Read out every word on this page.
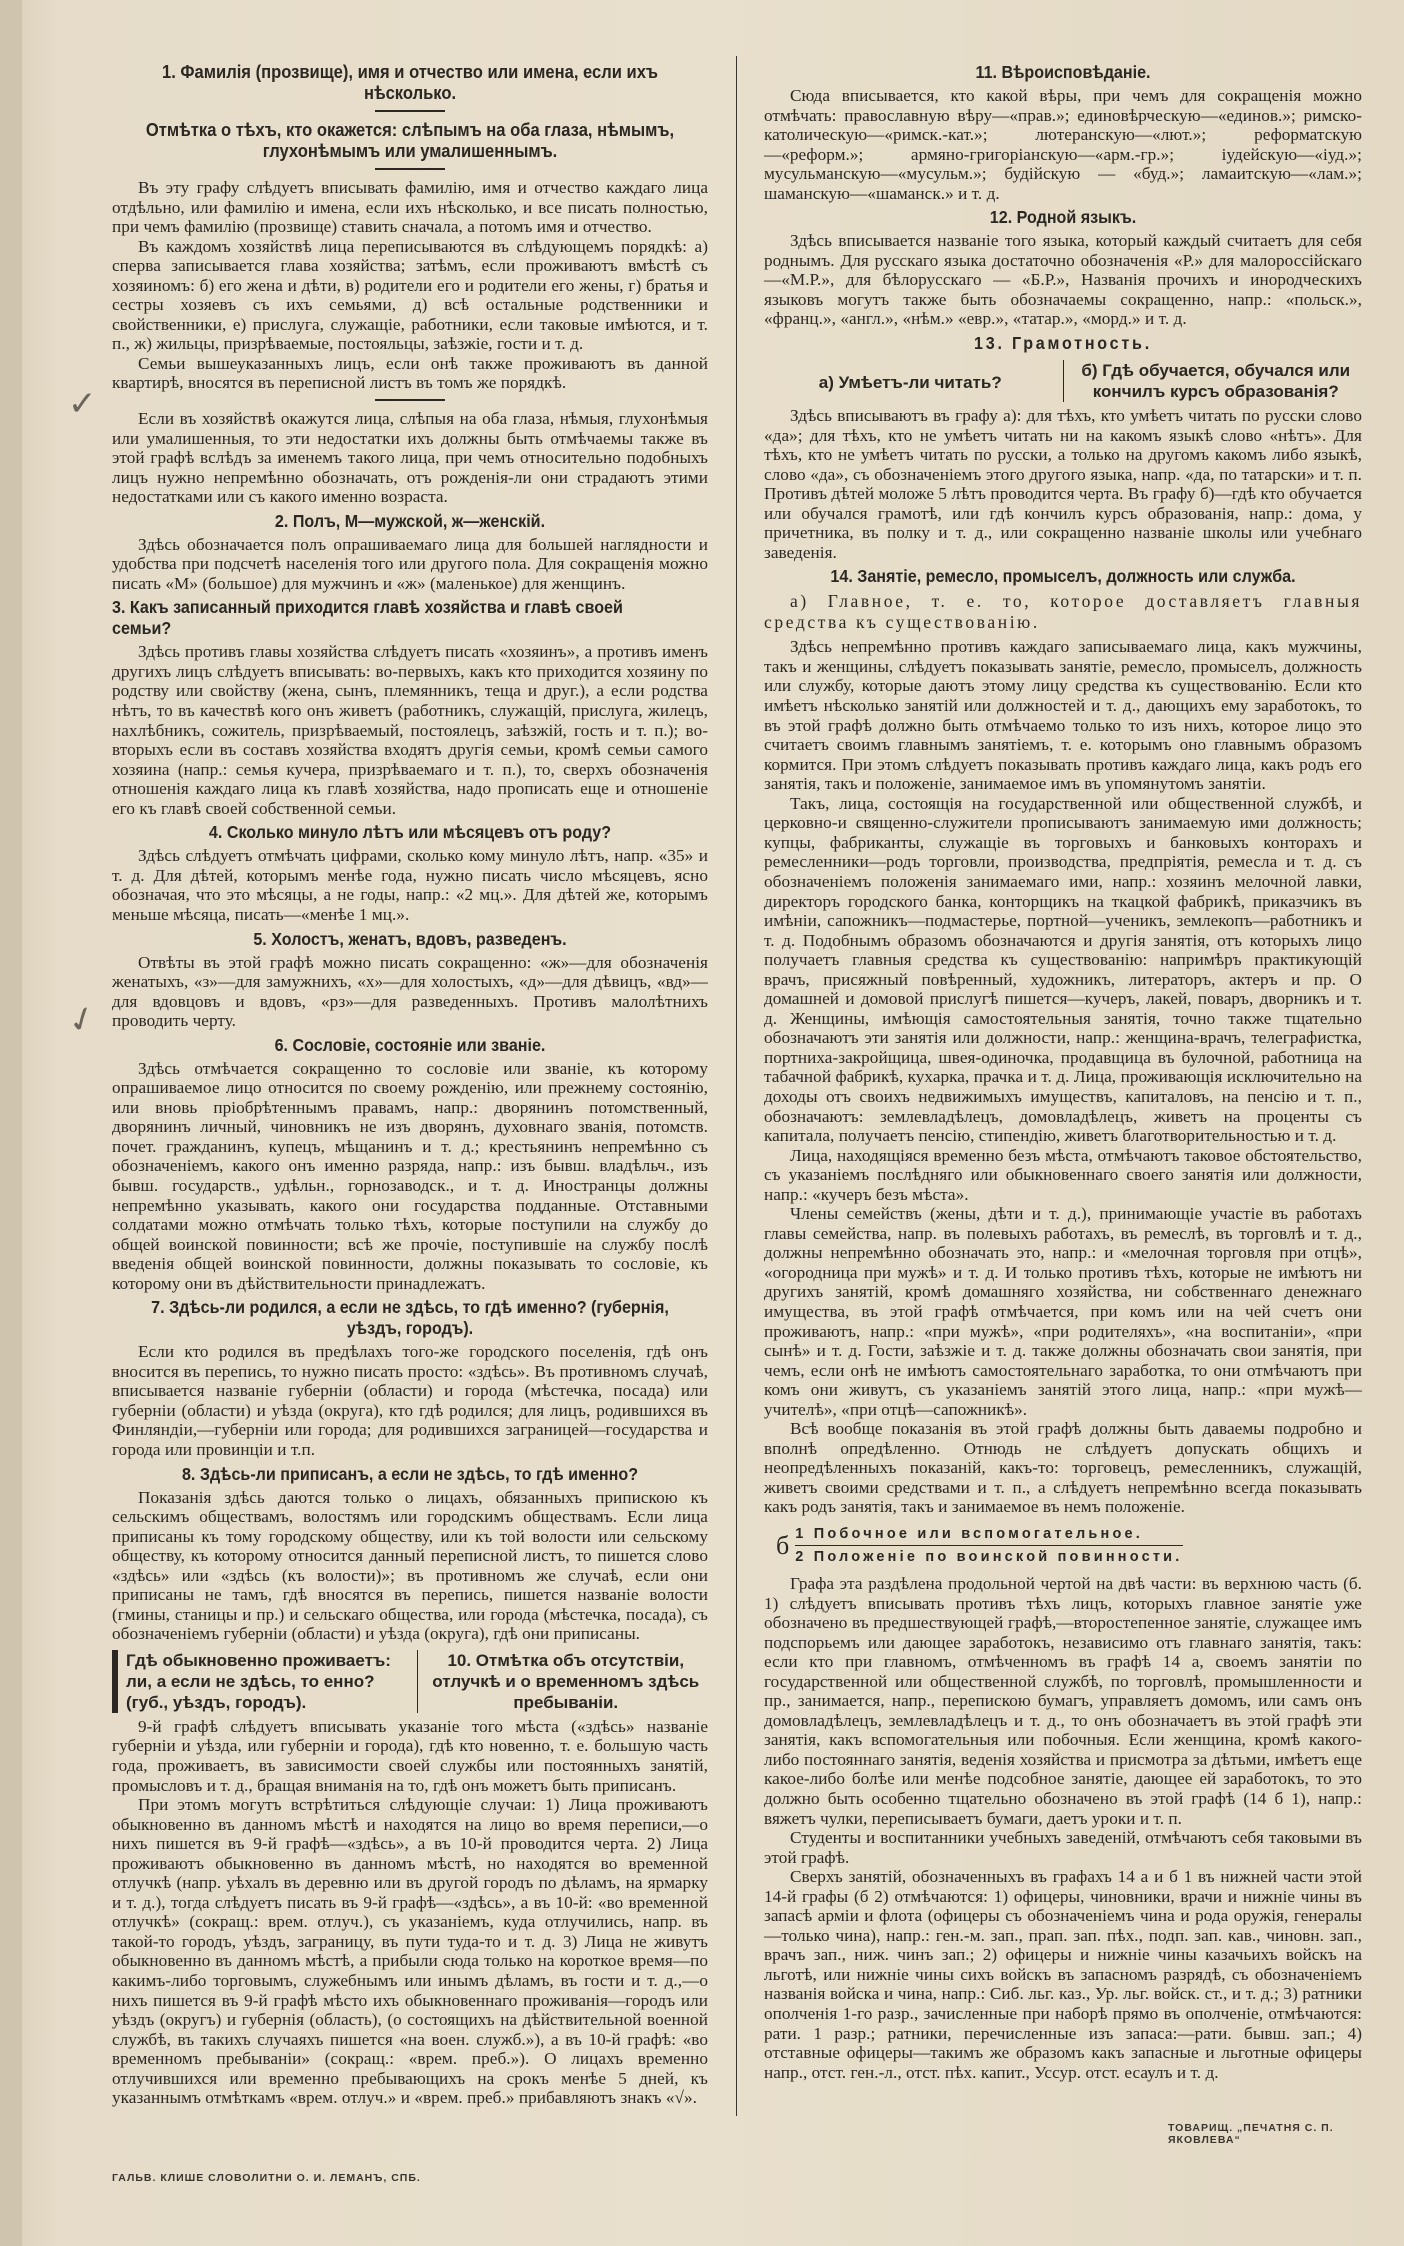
✓
✓
1. Фамилія (прозвище), имя и отчество или имена, если ихъ нѣсколько.
Отмѣтка о тѣхъ, кто окажется: слѣпымъ на оба глаза, нѣмымъ, глухонѣмымъ или умалишеннымъ.

Въ эту графу слѣдуетъ вписывать фамилію, имя и отчество каждаго лица отдѣльно, или фамилію и имена, если ихъ нѣсколько, и все писать полностью, при чемъ фамилію (прозвище) ставить сначала, а потомъ имя и отчество.

Въ каждомъ хозяйствѣ лица переписываются въ слѣдующемъ порядкѣ: а) сперва записывается глава хозяйства; затѣмъ, если проживаютъ вмѣстѣ съ хозяиномъ: б) его жена и дѣти, в) родители его и родители его жены, г) братья и сестры хозяевъ съ ихъ семьями, д) всѣ остальные родственники и свойственники, е) прислуга, служащіе, работники, если таковые имѣются, и т. п., ж) жильцы, призрѣваемые, постояльцы, заѣзжіе, гости и т. д.

Семьи вышеуказанныхъ лицъ, если онѣ также проживаютъ въ данной квартирѣ, вносятся въ переписной листъ въ томъ же порядкѣ.

Если въ хозяйствѣ окажутся лица, слѣпыя на оба глаза, нѣмыя, глухонѣмыя или умалишенныя, то эти недостатки ихъ должны быть отмѣчаемы также въ этой графѣ вслѣдъ за именемъ такого лица, при чемъ относительно подобныхъ лицъ нужно непремѣнно обозначать, отъ рожденія-ли они страдаютъ этими недостатками или съ какого именно возраста.

2. Полъ, М—мужской, ж—женскій.

Здѣсь обозначается полъ опрашиваемаго лица для большей наглядности и удобства при подсчетѣ населенія того или другого пола. Для сокращенія можно писать «М» (большое) для мужчинъ и «ж» (маленькое) для женщинъ.

3. Какъ записанный приходится главѣ хозяйства и главѣ своей семьи?

Здѣсь противъ главы хозяйства слѣдуетъ писать «хозяинъ», а противъ именъ другихъ лицъ слѣдуетъ вписывать: во-первыхъ, какъ кто приходится хозяину по родству или свойству (жена, сынъ, племянникъ, теща и друг.), а если родства нѣтъ, то въ качествѣ кого онъ живетъ (работникъ, служащій, прислуга, жилецъ, нахлѣбникъ, сожитель, призрѣваемый, постоялецъ, заѣзжій, гость и т. п.); во-вторыхъ если въ составъ хозяйства входятъ другія семьи, кромѣ семьи самого хозяина (напр.: семья кучера, призрѣваемаго и т. п.), то, сверхъ обозначенія отношенія каждаго лица къ главѣ хозяйства, надо прописать еще и отношеніе его къ главѣ своей собственной семьи.

4. Сколько минуло лѣтъ или мѣсяцевъ отъ роду?

Здѣсь слѣдуетъ отмѣчать цифрами, сколько кому минуло лѣтъ, напр. «35» и т. д. Для дѣтей, которымъ менѣе года, нужно писать число мѣсяцевъ, ясно обозначая, что это мѣсяцы, а не годы, напр.: «2 мц.». Для дѣтей же, которымъ меньше мѣсяца, писать—«менѣе 1 мц.».

5. Холостъ, женатъ, вдовъ, разведенъ.

Отвѣты въ этой графѣ можно писать сокращенно: «ж»—для обозначенія женатыхъ, «з»—для замужнихъ, «х»—для холостыхъ, «д»—для дѣвицъ, «вд»—для вдовцовъ и вдовъ, «рз»—для разведенныхъ. Противъ малолѣтнихъ проводить черту.

6. Сословіе, состояніе или званіе.

Здѣсь отмѣчается сокращенно то сословіе или званіе, къ которому опрашиваемое лицо относится по своему рожденію, или прежнему состоянію, или вновь пріобрѣтеннымъ правамъ, напр.: дворянинъ потомственный, дворянинъ личный, чиновникъ не изъ дворянъ, духовнаго званія, потомств. почет. гражданинъ, купецъ, мѣщанинъ и т. д.; крестьянинъ непремѣнно съ обозначеніемъ, какого онъ именно разряда, напр.: изъ бывш. владѣльч., изъ бывш. государств., удѣльн., горнозаводск., и т. д. Иностранцы должны непремѣнно указывать, какого они государства подданные. Отставными солдатами можно отмѣчать только тѣхъ, которые поступили на службу до общей воинской повинности; всѣ же прочіе, поступившіе на службу послѣ введенія общей воинской повинности, должны показывать то сословіе, къ которому они въ дѣйствительности принадлежатъ.

7. Здѣсь-ли родился, а если не здѣсь, то гдѣ именно? (губернія, уѣздъ, городъ).

Если кто родился въ предѣлахъ того-же городского поселенія, гдѣ онъ вносится въ перепись, то нужно писать просто: «здѣсь». Въ противномъ случаѣ, вписывается названіе губерніи (области) и города (мѣстечка, посада) или губерніи (области) и уѣзда (округа), кто гдѣ родился; для лицъ, родившихся въ Финляндіи,—губерніи или города; для родившихся заграницей—государства и города или провинціи и т.п.

8. Здѣсь-ли приписанъ, а если не здѣсь, то гдѣ именно?

Показанія здѣсь даются только о лицахъ, обязанныхъ припискою къ сельскимъ обществамъ, волостямъ или городскимъ обществамъ. Если лица приписаны къ тому городскому обществу, или къ той волости или сельскому обществу, къ которому относится данный переписной листъ, то пишется слово «здѣсь» или «здѣсь (къ волости)»; въ противномъ же случаѣ, если они приписаны не тамъ, гдѣ вносятся въ перепись, пишется названіе волости (гмины, станицы и пр.) и сельскаго общества, или города (мѣстечка, посада), съ обозначеніемъ губерніи (области) и уѣзда (округа), гдѣ они приписаны.

Гдѣ обыкновенно проживаетъ: ли, а если не здѣсь, то енно? (губ., уѣздъ, городъ).
10. Отмѣтка объ отсутствіи, отлучкѣ и о временномъ здѣсь пребываніи.

9-й графѣ слѣдуетъ вписывать указаніе того мѣста («здѣсь» названіе губерніи и уѣзда, или губерніи и города), гдѣ кто новенно, т. е. большую часть года, проживаетъ, въ зависимости своей службы или постоянныхъ занятій, промысловъ и т. д., бращая вниманія на то, гдѣ онъ можетъ быть приписанъ.

При этомъ могутъ встрѣтиться слѣдующіе случаи: 1) Лица проживаютъ обыкновенно въ данномъ мѣстѣ и находятся на лицо во время переписи,—о нихъ пишется въ 9-й графѣ—«здѣсь», а въ 10-й проводится черта. 2) Лица проживаютъ обыкновенно въ данномъ мѣстѣ, но находятся во временной отлучкѣ (напр. уѣхалъ въ деревню или въ другой городъ по дѣламъ, на ярмарку и т. д.), тогда слѣдуетъ писать въ 9-й графѣ—«здѣсь», а въ 10-й: «во временной отлучкѣ» (сокращ.: врем. отлуч.), съ указаніемъ, куда отлучились, напр. въ такой-то городъ, уѣздъ, заграницу, въ пути туда-то и т. д. 3) Лица не живутъ обыкновенно въ данномъ мѣстѣ, а прибыли сюда только на короткое время—по какимъ-либо торговымъ, служебнымъ или инымъ дѣламъ, въ гости и т. д.,—о нихъ пишется въ 9-й графѣ мѣсто ихъ обыкновеннаго проживанія—городъ или уѣздъ (округъ) и губернія (область), (о состоящихъ на дѣйствительной военной службѣ, въ такихъ случаяхъ пишется «на воен. служб.»), а въ 10-й графѣ: «во временномъ пребываніи» (сокращ.: «врем. преб.»). О лицахъ временно отлучившихся или временно пребывающихъ на срокъ менѣе 5 дней, къ указаннымъ отмѣткамъ «врем. отлуч.» и «врем. преб.» прибавляютъ знакъ «√».

ГАЛЬВ. КЛИШЕ СЛОВОЛИТНИ О. И. ЛЕМАНЪ, СПБ.
11. Вѣроисповѣданіе.

Сюда вписывается, кто какой вѣры, при чемъ для сокращенія можно отмѣчать: православную вѣру—«прав.»; единовѣрческую—«единов.»; римско-католическую—«римск.-кат.»; лютеранскую—«лют.»; реформатскую—«реформ.»; армяно-григоріанскую—«арм.-гр.»; іудейскую—«іуд.»; мусульманскую—«мусульм.»; будійскую — «буд.»; ламаитскую—«лам.»; шаманскую—«шаманск.» и т. д.

12. Родной языкъ.

Здѣсь вписывается названіе того языка, который каждый считаетъ для себя роднымъ. Для русскаго языка достаточно обозначенія «Р.» для малороссійскаго—«М.Р.», для бѣлорусскаго — «Б.Р.», Названія прочихъ и инородческихъ языковъ могутъ также быть обозначаемы сокращенно, напр.: «польск.», «франц.», «англ.», «нѣм.» «евр.», «татар.», «морд.» и т. д.

13. Грамотность.
а) Умѣетъ-ли читать?
б) Гдѣ обучается, обучался или кончилъ курсъ образованія?

Здѣсь вписываютъ въ графу а): для тѣхъ, кто умѣетъ читать по русски слово «да»; для тѣхъ, кто не умѣетъ читать ни на какомъ языкѣ слово «нѣтъ». Для тѣхъ, кто не умѣетъ читать по русски, а только на другомъ какомъ либо языкѣ, слово «да», съ обозначеніемъ этого другого языка, напр. «да, по татарски» и т. п. Противъ дѣтей моложе 5 лѣтъ проводится черта. Въ графу б)—гдѣ кто обучается или обучался грамотѣ, или гдѣ кончилъ курсъ образованія, напр.: дома, у причетника, въ полку и т. д., или сокращенно названіе школы или учебнаго заведенія.

14. Занятіе, ремесло, промыселъ, должность или служба.
а) Главное, т. е. то, которое доставляетъ главныя средства къ существованію.

Здѣсь непремѣнно противъ каждаго записываемаго лица, какъ мужчины, такъ и женщины, слѣдуетъ показывать занятіе, ремесло, промыселъ, должность или службу, которые даютъ этому лицу средства къ существованію. Если кто имѣетъ нѣсколько занятій или должностей и т. д., дающихъ ему заработокъ, то въ этой графѣ должно быть отмѣчаемо только то изъ нихъ, которое лицо это считаетъ своимъ главнымъ занятіемъ, т. е. которымъ оно главнымъ образомъ кормится. При этомъ слѣдуетъ показывать противъ каждаго лица, какъ родъ его занятія, такъ и положеніе, занимаемое имъ въ упомянутомъ занятіи.

Такъ, лица, состоящія на государственной или общественной службѣ, и церковно-и священно-служители прописываютъ занимаемую ими должность; купцы, фабриканты, служащіе въ торговыхъ и банковыхъ конторахъ и ремесленники—родъ торговли, производства, предпріятія, ремесла и т. д. съ обозначеніемъ положенія занимаемаго ими, напр.: хозяинъ мелочной лавки, директоръ городского банка, конторщикъ на ткацкой фабрикѣ, приказчикъ въ имѣніи, сапожникъ—подмастерье, портной—ученикъ, землекопъ—работникъ и т. д. Подобнымъ образомъ обозначаются и другія занятія, отъ которыхъ лицо получаетъ главныя средства къ существованію: напримѣръ практикующій врачъ, присяжный повѣренный, художникъ, литераторъ, актеръ и пр. О домашней и домовой прислугѣ пишется—кучеръ, лакей, поваръ, дворникъ и т. д. Женщины, имѣющія самостоятельныя занятія, точно также тщательно обозначаютъ эти занятія или должности, напр.: женщина-врачъ, телеграфистка, портниха-закройщица, швея-одиночка, продавщица въ булочной, работница на табачной фабрикѣ, кухарка, прачка и т. д. Лица, проживающія исключительно на доходы отъ своихъ недвижимыхъ имуществъ, капиталовъ, на пенсію и т. п., обозначаютъ: землевладѣлецъ, домовладѣлецъ, живетъ на проценты съ капитала, получаетъ пенсію, стипендію, живетъ благотворительностью и т. д.

Лица, находящіяся временно безъ мѣста, отмѣчаютъ таковое обстоятельство, съ указаніемъ послѣдняго или обыкновеннаго своего занятія или должности, напр.: «кучеръ безъ мѣста».

Члены семействъ (жены, дѣти и т. д.), принимающіе участіе въ работахъ главы семейства, напр. въ полевыхъ работахъ, въ ремеслѣ, въ торговлѣ и т. д., должны непремѣнно обозначать это, напр.: и «мелочная торговля при отцѣ», «огородница при мужѣ» и т. д. И только противъ тѣхъ, которые не имѣютъ ни другихъ занятій, кромѣ домашняго хозяйства, ни собственнаго денежнаго имущества, въ этой графѣ отмѣчается, при комъ или на чей счетъ они проживаютъ, напр.: «при мужѣ», «при родителяхъ», «на воспитаніи», «при сынѣ» и т. д. Гости, заѣзжіе и т. д. также должны обозначать свои занятія, при чемъ, если онѣ не имѣютъ самостоятельнаго заработка, то они отмѣчаютъ при комъ они живутъ, съ указаніемъ занятій этого лица, напр.: «при мужѣ—учителѣ», «при отцѣ—сапожникѣ».

Всѣ вообще показанія въ этой графѣ должны быть даваемы подробно и вполнѣ опредѣленно. Отнюдь не слѣдуетъ допускать общихъ и неопредѣленныхъ показаній, какъ-то: торговецъ, ремесленникъ, служащій, живетъ своими средствами и т. п., а слѣдуетъ непремѣнно всегда показывать какъ родъ занятія, такъ и занимаемое въ немъ положеніе.

б 1 Побочное или вспомогательное.
2 Положеніе по воинской повинности.

Графа эта раздѣлена продольной чертой на двѣ части: въ верхнюю часть (б. 1) слѣдуетъ вписывать противъ тѣхъ лицъ, которыхъ главное занятіе уже обозначено въ предшествующей графѣ,—второстепенное занятіе, служащее имъ подспорьемъ или дающее заработокъ, независимо отъ главнаго занятія, такъ: если кто при главномъ, отмѣченномъ въ графѣ 14 а, своемъ занятіи по государственной или общественной службѣ, по торговлѣ, промышленности и пр., занимается, напр., перепискою бумагъ, управляетъ домомъ, или самъ онъ домовладѣлецъ, землевладѣлецъ и т. д., то онъ обозначаетъ въ этой графѣ эти занятія, какъ вспомогательныя или побочныя. Если женщина, кромѣ какого-либо постояннаго занятія, веденія хозяйства и присмотра за дѣтьми, имѣетъ еще какое-либо болѣе или менѣе подсобное занятіе, дающее ей заработокъ, то это должно быть особенно тщательно обозначено въ этой графѣ (14 б 1), напр.: вяжетъ чулки, переписываетъ бумаги, даетъ уроки и т. п.

Студенты и воспитанники учебныхъ заведеній, отмѣчаютъ себя таковыми въ этой графѣ.

Сверхъ занятій, обозначенныхъ въ графахъ 14 а и б 1 въ нижней части этой 14-й графы (б 2) отмѣчаются: 1) офицеры, чиновники, врачи и нижніе чины въ запасѣ арміи и флота (офицеры съ обозначеніемъ чина и рода оружія, генералы—только чина), напр.: ген.-м. зап., прап. зап. пѣх., подп. зап. кав., чиновн. зап., врачъ зап., ниж. чинъ зап.; 2) офицеры и нижніе чины казачьихъ войскъ на льготѣ, или нижніе чины сихъ войскъ въ запасномъ разрядѣ, съ обозначеніемъ названія войска и чина, напр.: Сиб. льг. каз., Ур. льг. войск. ст., и т. д.; 3) ратники ополченія 1-го разр., зачисленные при наборѣ прямо въ ополченіе, отмѣчаются: рати. 1 разр.; ратники, перечисленные изъ запаса:—рати. бывш. зап.; 4) отставные офицеры—такимъ же образомъ какъ запасные и льготные офицеры напр., отст. ген.-л., отст. пѣх. капит., Уссур. отст. есаулъ и т. д.

ТОВАРИЩ. „ПЕЧАТНЯ С. П. ЯКОВЛЕВА“
